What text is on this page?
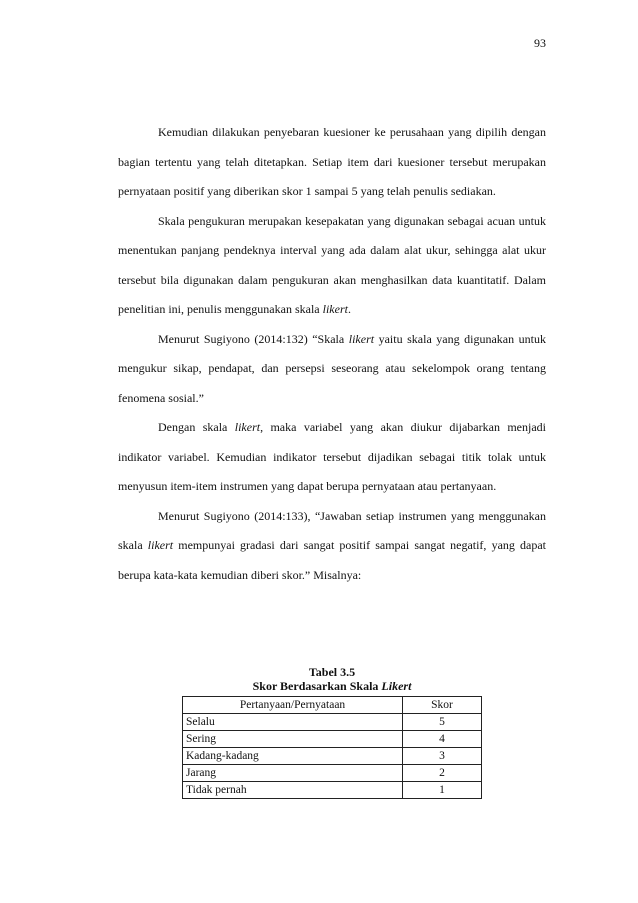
93

Kemudian dilakukan penyebaran kuesioner ke perusahaan yang dipilih dengan bagian tertentu yang telah ditetapkan. Setiap item dari kuesioner tersebut merupakan pernyataan positif yang diberikan skor 1 sampai 5 yang telah penulis sediakan.

Skala pengukuran merupakan kesepakatan yang digunakan sebagai acuan untuk menentukan panjang pendeknya interval yang ada dalam alat ukur, sehingga alat ukur tersebut bila digunakan dalam pengukuran akan menghasilkan data kuantitatif. Dalam penelitian ini, penulis menggunakan skala likert.

Menurut Sugiyono (2014:132) “Skala likert yaitu skala yang digunakan untuk mengukur sikap, pendapat, dan persepsi seseorang atau sekelompok orang tentang fenomena sosial.”

Dengan skala likert, maka variabel yang akan diukur dijabarkan menjadi indikator variabel. Kemudian indikator tersebut dijadikan sebagai titik tolak untuk menyusun item-item instrumen yang dapat berupa pernyataan atau pertanyaan.

Menurut Sugiyono (2014:133), “Jawaban setiap instrumen yang menggunakan skala likert mempunyai gradasi dari sangat positif sampai sangat negatif, yang dapat berupa kata-kata kemudian diberi skor.” Misalnya:

Tabel 3.5
Skor Berdasarkan Skala Likert
Pertanyaan/Pernyataan	Skor
Selalu	5
Sering	4
Kadang-kadang	3
Jarang	2
Tidak pernah	1
